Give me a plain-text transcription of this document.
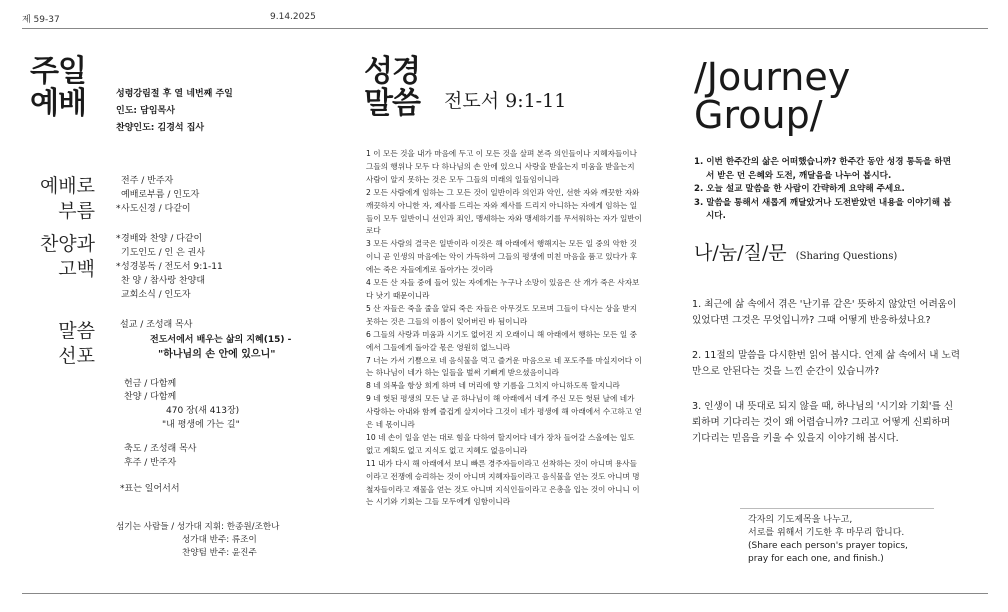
제 59-37	9.14.2025
주일
예배	성령강림절 후 열 네번째 주일
인도: 담임목사
찬양인도: 김경석 집사
예배로
부름
전주 / 반주자
예배로부름 / 인도자
*사도신경 / 다같이
찬양과
고백
*경배와 찬양 / 다같이
기도인도 / 인 은 권사
*성경봉독 / 전도서 9:1-11
찬 양 / 참사랑 찬양대
교회소식 / 인도자
말씀
선포
설교 / 조성래 목사
전도서에서 배우는 삶의 지혜(15) -
"하나님의 손 안에 있으니"
헌금 / 다함께
찬양 / 다함께
470 장(새 413장)
"내 평생에 가는 길"
축도 / 조성래 목사
후주 / 반주자
*표는 일어서서
섬기는 사람들 / 성가대 지휘: 한종원/조한나
성가대 반주: 류조이
찬양팀 반주: 윤진주
성경
말씀 전도서 9:1-11

1 이 모든 것을 내가 마음에 두고 이 모든 것을 살펴 본즉 의인들이나 지혜자들이나 그들의 행위나 모두 다 하나님의 손 안에 있으니 사랑을 받을는지 미움을 받을는지 사람이 알지 못하는 것은 모두 그들의 미래의 일들임이니라

2 모든 사람에게 임하는 그 모든 것이 일반이라 의인과 악인, 선한 자와 깨끗한 자와 깨끗하지 아니한 자, 제사를 드리는 자와 제사를 드리지 아니하는 자에게 임하는 일들이 모두 일반이니 선인과 죄인, 맹세하는 자와 맹세하기를 무서워하는 자가 일반이로다

3 모든 사람의 결국은 일반이라 이것은 해 아래에서 행해지는 모든 일 중의 악한 것이니 곧 인생의 마음에는 악이 가득하여 그들의 평생에 미친 마음을 품고 있다가 후에는 죽은 자들에게로 돌아가는 것이라

4 모든 산 자들 중에 들어 있는 자에게는 누구나 소망이 있음은 산 개가 죽은 사자보다 낫기 때문이니라

5 산 자들은 죽을 줄을 알되 죽은 자들은 아무것도 모르며 그들이 다시는 상을 받지 못하는 것은 그들의 이름이 잊어버린 바 됨이니라

6 그들의 사랑과 미움과 시기도 없어진 지 오래이니 해 아래에서 행하는 모든 일 중에서 그들에게 돌아갈 몫은 영원히 없느니라

7 너는 가서 기쁨으로 네 음식물을 먹고 즐거운 마음으로 네 포도주를 마실지어다 이는 하나님이 네가 하는 일들을 벌써 기뻐게 받으셨음이니라

8 네 의복을 항상 희게 하며 네 머리에 향 기름을 그치지 아니하도록 할지니라

9 네 헛된 평생의 모든 날 곧 하나님이 해 아래에서 네게 주신 모든 헛된 날에 네가 사랑하는 아내와 함께 즐겁게 살지어다 그것이 네가 평생에 해 아래에서 수고하고 얻은 네 몫이니라

10 네 손이 일을 얻는 대로 힘을 다하여 할지어다 네가 장차 들어갈 스올에는 일도 없고 계획도 없고 지식도 없고 지혜도 없음이니라

11 내가 다시 해 아래에서 보니 빠른 경주자들이라고 선착하는 것이 아니며 용사들이라고 전쟁에 승리하는 것이 아니며 지혜자들이라고 음식물을 얻는 것도 아니며 명철자들이라고 재물을 얻는 것도 아니며 지식인들이라고 은총을 입는 것이 아니니 이는 시기와 기회는 그들 모두에게 임함이니라

/Journey
Group/
1. 이번 한주간의 삶은 어떠했습니까? 한주간 동안 성경 통독을 하면서 받은 던 은혜와 도전, 깨달음을 나누어 봅시다.
2. 오늘 설교 말씀을 한 사람이 간략하게 요약해 주세요.
3. 말씀을 통해서 새롭게 깨달았거나 도전받았던 내용을 이야기해 봅시다.
나/눔/질/문 (Sharing Questions)

1. 최근에 삶 속에서 겪은 '난기류 같은' 뜻하지 않았던 어려움이 있었다면 그것은 무엇입니까? 그때 어떻게 반응하셨나요?

2. 11절의 말씀을 다시한번 읽어 봅시다. 언제 삶 속에서 내 노력만으로 안된다는 것을 느낀 순간이 있습니까?

3. 인생이 내 뜻대로 되지 않을 때, 하나님의 '시기와 기회'를 신뢰하며 기다리는 것이 왜 어렵습니까? 그리고 어떻게 신뢰하며 기다리는 믿음을 키울 수 있을지 이야기해 봅시다.

각자의 기도제목을 나누고,
서로를 위해서 기도한 후 마무리 합니다.
(Share each person's prayer topics,
pray for each one, and finish.)
